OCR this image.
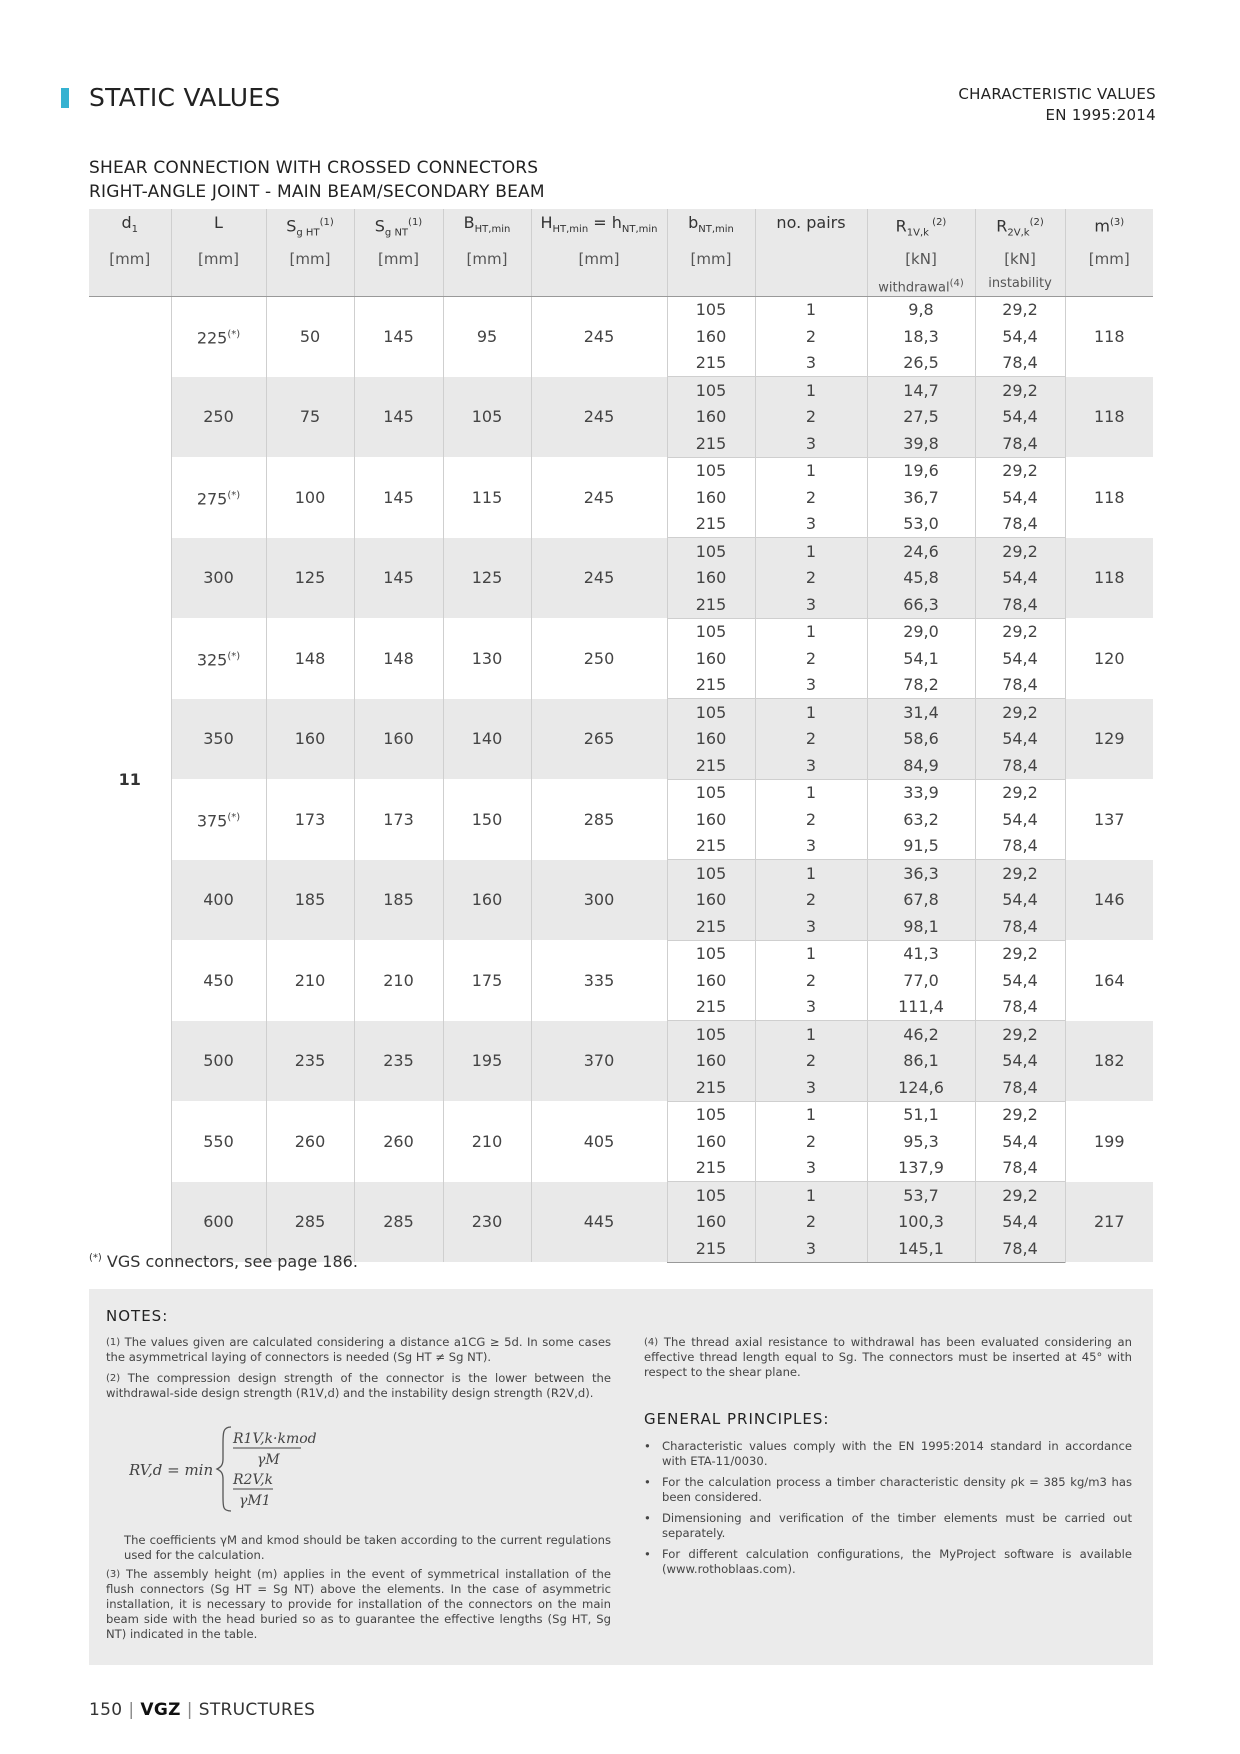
STATIC VALUES	CHARACTERISTIC VALUES
EN 1995:2014
SHEAR CONNECTION WITH CROSSED CONNECTORS
RIGHT-ANGLE JOINT - MAIN BEAM/SECONDARY BEAM
$d_1$	L	$S_{g HT}^{(1)}$	$S_{g NT}^{(1)}$	$B_{HT,min}$	$H_{HT,min} = h_{NT,min}$	$b_{NT,min}$	no. pairs	$R_{1V,k}$ $^{(2)}$	$R_{2V,k}^{(2)}$	$m^{(3)}$
[mm]	[mm]	[mm]	[mm]	[mm]	[mm]	[mm]		[kN]	[kN]	[mm]
								withdrawal$^{(4)}$	instability	
11	225(*)	50	145	95	245	105	1	9,8	29,2	118
						160	2	18,3	54,4	
						215	3	26,5	78,4	
	250	75	145	105	245	105	1	14,7	29,2	118
						160	2	27,5	54,4	
						215	3	39,8	78,4	
	275(*)	100	145	115	245	105	1	19,6	29,2	118
						160	2	36,7	54,4	
						215	3	53,0	78,4	
	300	125	145	125	245	105	1	24,6	29,2	118
						160	2	45,8	54,4	
						215	3	66,3	78,4	
	325(*)	148	148	130	250	105	1	29,0	29,2	120
						160	2	54,1	54,4	
						215	3	78,2	78,4	
	350	160	160	140	265	105	1	31,4	29,2	129
						160	2	58,6	54,4	
						215	3	84,9	78,4	
	375(*)	173	173	150	285	105	1	33,9	29,2	137
						160	2	63,2	54,4	
						215	3	91,5	78,4	
	400	185	185	160	300	105	1	36,3	29,2	146
						160	2	67,8	54,4	
						215	3	98,1	78,4	
	450	210	210	175	335	105	1	41,3	29,2	164
						160	2	77,0	54,4	
						215	3	111,4	78,4	
	500	235	235	195	370	105	1	46,2	29,2	182
						160	2	86,1	54,4	
						215	3	124,6	78,4	
	550	260	260	210	405	105	1	51,1	29,2	199
						160	2	95,3	54,4	
						215	3	137,9	78,4	
	600	285	285	230	445	105	1	53,7	29,2	217
						160	2	100,3	54,4	
						215	3	145,1	78,4	
(*) VGS connectors, see page 186.
NOTES:
(1) The values given are calculated considering a distance a1CG ≥ 5d. In some cases the asymmetrical laying of connectors is needed (Sg HT ≠ Sg NT).
(2) The compression design strength of the connector is the lower between the withdrawal-side design strength (R1V,d) and the instability design strength (R2V,d).
RV,d = min
R1V,k·kmod
γM
R2V,k
γM1
The coefficients γM and kmod should be taken according to the current regulations used for the calculation.
(3) The assembly height (m) applies in the event of symmetrical installation of the flush connectors (Sg HT = Sg NT) above the elements. In the case of asymmetric installation, it is necessary to provide for installation of the connectors on the main beam side with the head buried so as to guarantee the effective lengths (Sg HT, Sg NT) indicated in the table.
(4) The thread axial resistance to withdrawal has been evaluated considering an effective thread length equal to Sg. The connectors must be inserted at 45° with respect to the shear plane.
GENERAL PRINCIPLES:
• Characteristic values comply with the EN 1995:2014 standard in accordance with ETA-11/0030.
• For the calculation process a timber characteristic density ρk = 385 kg/m3 has been considered.
• Dimensioning and verification of the timber elements must be carried out separately.
• For different calculation configurations, the MyProject software is available (www.rothoblaas.com).
150 | VGZ | STRUCTURES
